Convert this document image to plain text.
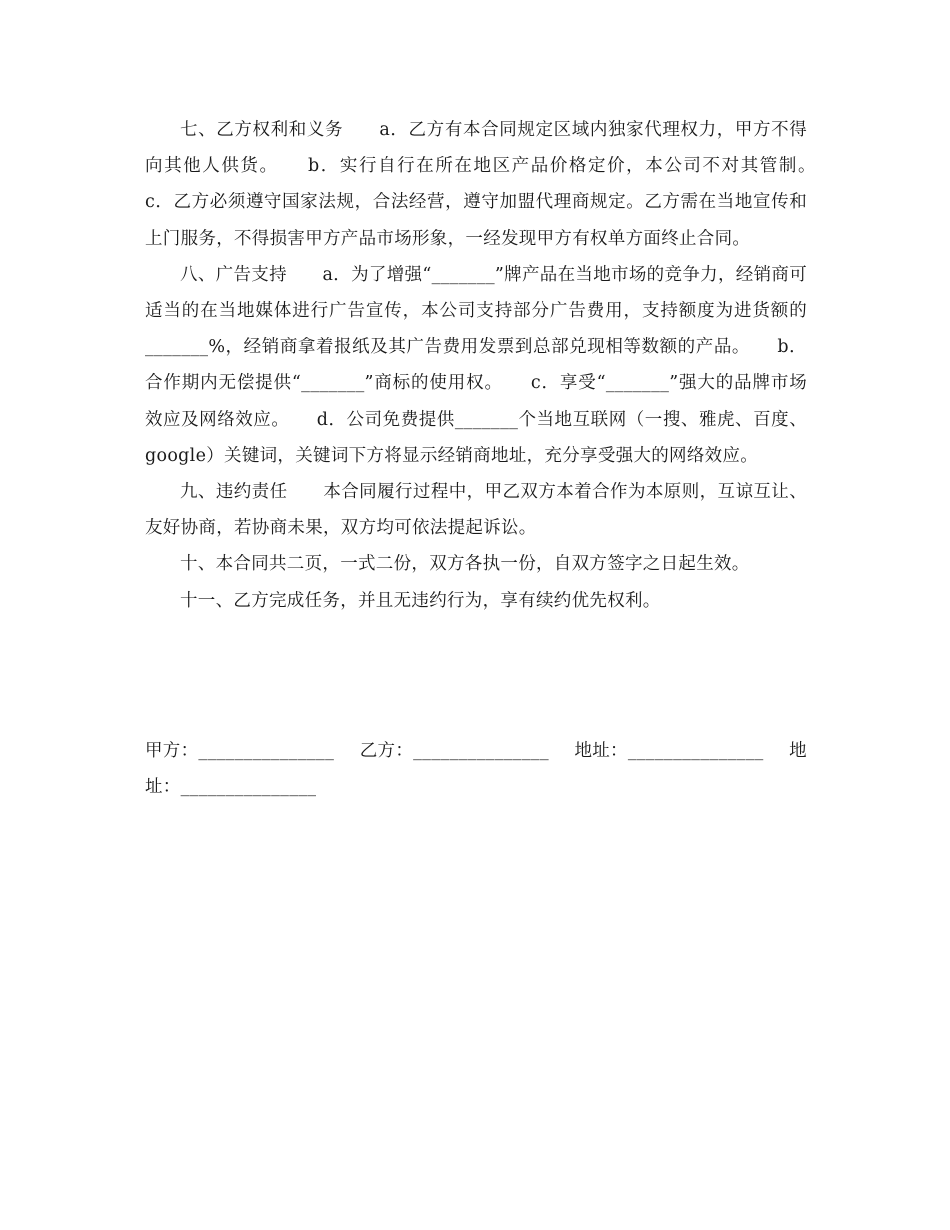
七、乙方权利和义务　　a．乙方有本合同规定区域内独家代理权力，甲方不得向其他人供货。　　b．实行自行在所在地区产品价格定价，本公司不对其管制。　　c．乙方必须遵守国家法规，合法经营，遵守加盟代理商规定。乙方需在当地宣传和上门服务，不得损害甲方产品市场形象，一经发现甲方有权单方面终止合同。

八、广告支持　　a．为了增强“_______”牌产品在当地市场的竞争力，经销商可适当的在当地媒体进行广告宣传，本公司支持部分广告费用，支持额度为进货额的_______%，经销商拿着报纸及其广告费用发票到总部兑现相等数额的产品。　　b．合作期内无偿提供“_______”商标的使用权。　　c．享受“_______”强大的品牌市场效应及网络效应。　　d．公司免费提供_______个当地互联网（一搜、雅虎、百度、google）关键词，关键词下方将显示经销商地址，充分享受强大的网络效应。

九、违约责任　　本合同履行过程中，甲乙双方本着合作为本原则，互谅互让、友好协商，若协商未果，双方均可依法提起诉讼。

十、本合同共二页，一式二份，双方各执一份，自双方签字之日起生效。

十一、乙方完成任务，并且无违约行为，享有续约优先权利。

甲方：_______________ 乙方：_______________ 地址：_______________ 地
址：_______________
